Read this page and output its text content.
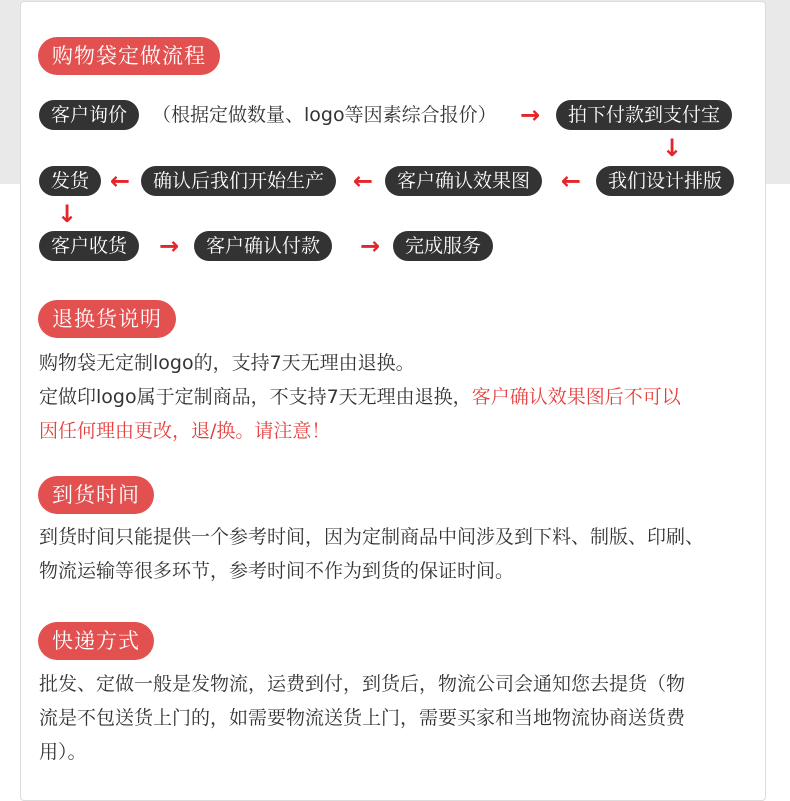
购物袋定做流程
客户询价	（根据定做数量、logo等因素综合报价） →	拍下付款到支付宝
↓
发货 ←	确认后我们开始生产	←	客户确认效果图	←	我们设计排版
↓
客户收货	→	客户确认付款	→	完成服务
退换货说明
购物袋无定制logo的，支持7天无理由退换。
定做印logo属于定制商品，不支持7天无理由退换，客户确认效果图后不可以
因任何理由更改，退/换。请注意！
到货时间
到货时间只能提供一个参考时间，因为定制商品中间涉及到下料、制版、印刷、
物流运输等很多环节，参考时间不作为到货的保证时间。
快递方式
批发、定做一般是发物流，运费到付，到货后，物流公司会通知您去提货（物
流是不包送货上门的，如需要物流送货上门，需要买家和当地物流协商送货费
用）。
